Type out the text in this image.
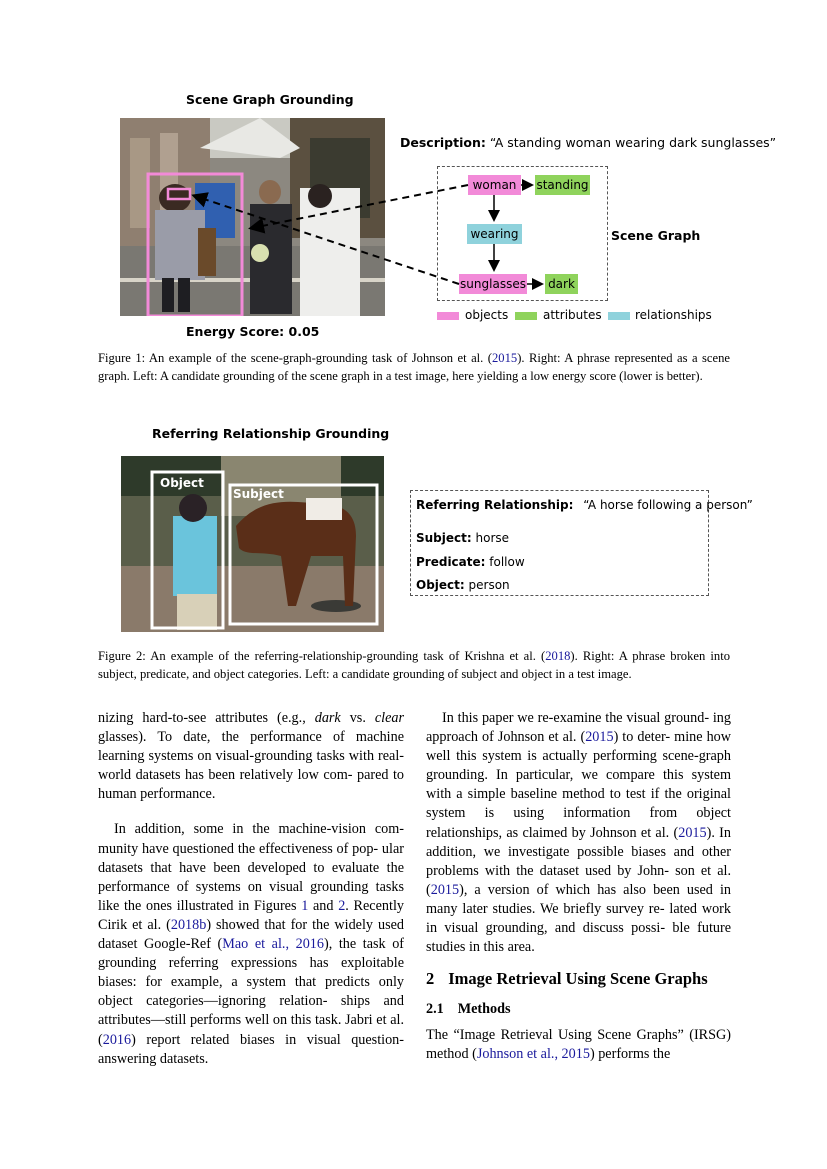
Scene Graph Grounding
Energy Score: 0.05
Description: “A standing woman wearing dark sunglasses”
woman	standing
wearing
sunglasses dark
Scene Graph
objects	attributes	relationships
Figure 1: An example of the scene-graph-grounding task of Johnson et al. (2015). Right: A phrase represented as a scene graph. Left: A candidate grounding of the scene graph in a test image, here yielding a low energy score (lower is better).
Referring Relationship Grounding
Object
Subject
Referring Relationship: “A horse following a person”
Subject: horse
Predicate: follow
Object: person
Figure 2: An example of the referring-relationship-grounding task of Krishna et al. (2018). Right: A phrase broken into subject, predicate, and object categories. Left: a candidate grounding of subject and object in a test image.

nizing hard-to-see attributes (e.g., dark vs. clear glasses). To date, the performance of machine learning systems on visual-grounding tasks with real-world datasets has been relatively low com- pared to human performance.

In addition, some in the machine-vision com- munity have questioned the effectiveness of pop- ular datasets that have been developed to evaluate the performance of systems on visual grounding tasks like the ones illustrated in Figures 1 and 2. Recently Cirik et al. (2018b) showed that for the widely used dataset Google-Ref (Mao et al., 2016), the task of grounding referring expressions has exploitable biases: for example, a system that predicts only object categories—ignoring relation- ships and attributes—still performs well on this task. Jabri et al. (2016) report related biases in visual question-answering datasets.

In this paper we re-examine the visual ground- ing approach of Johnson et al. (2015) to deter- mine how well this system is actually performing scene-graph grounding. In particular, we compare this system with a simple baseline method to test if the original system is using information from object relationships, as claimed by Johnson et al. (2015). In addition, we investigate possible biases and other problems with the dataset used by John- son et al. (2015), a version of which has also been used in many later studies. We briefly survey re- lated work in visual grounding, and discuss possi- ble future studies in this area.

2 Image Retrieval Using Scene Graphs
2.1 Methods

The “Image Retrieval Using Scene Graphs” (IRSG) method (Johnson et al., 2015) performs the
